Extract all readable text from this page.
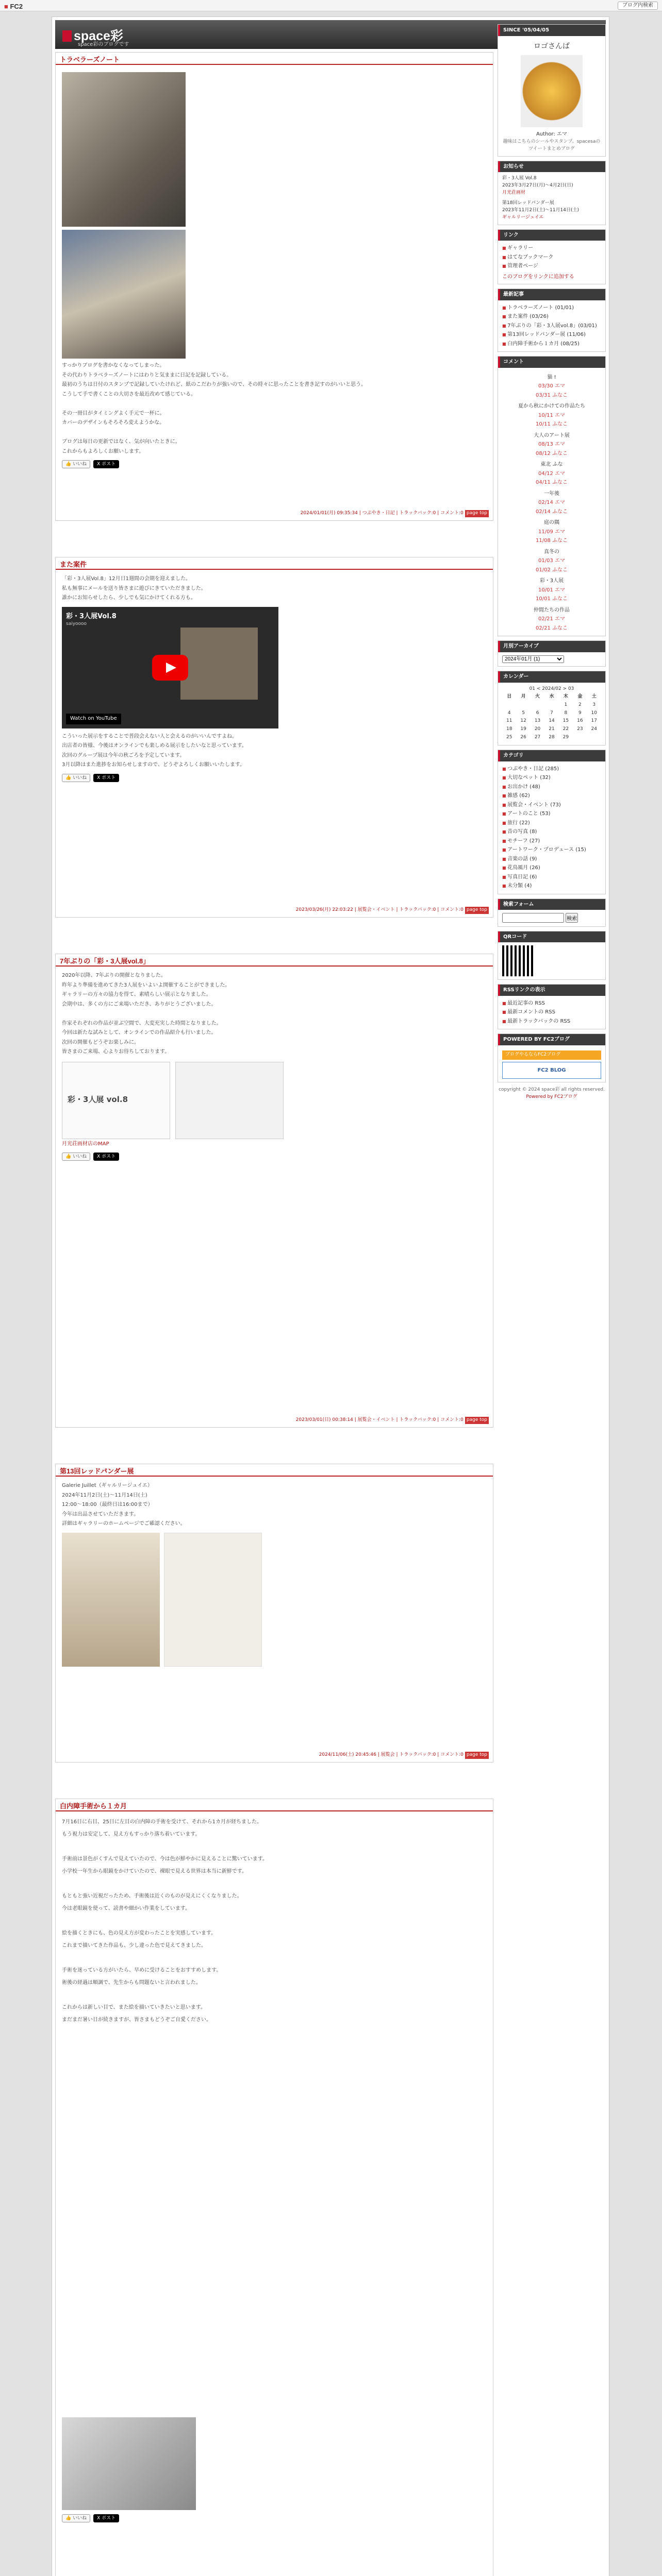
■ FC2	ブログ内検索
space彩
space彩のブログです
トラベラーズノート

すっかりブログを書かなくなってしまった。

その代わりトラベラーズノートにはわりと気ままに日記を記録している。

最初のうちは日付のスタンプで記録していたけれど、紙のこだわりが強いので、その時々に思ったことを書き記すのがいいと思う。

こうして手で書くことの大切さを最近改めて感じている。

その一冊目がタイミングよく手元で一杯に。

カバーのデザインもそろそろ変えようかな。

ブログは毎日の更新ではなく、気が向いたときに。

これからもよろしくお願いします。

👍 いいね	X ポスト
2024/01/01(月) 09:35:34 | つぶやき・日記 | トラックバック:0 | コメント:0 page top
また案件

「彩・3人展Vol.8」12月日1週間の会期を迎えました。

私も無事にメールを送り皆さまに遊びにきていただきました。

誰かにお知らせしたら、少しでも気にかけてくれる方も。

彩・3人展Vol.8
saiyoooo
Watch on YouTube

こういった展示をすることで普段会えない人と会えるのがいいんですよね。

出店者の皆様、今後はオンラインでも楽しめる展示をしたいなと思っています。

次回のグループ展は今年の秋ごろを予定しています。

3月以降はまた進捗をお知らせしますので、どうぞよろしくお願いいたします。

👍 いいね	X ポスト
2023/03/26(月) 22:03:22 | 展覧会・イベント | トラックバック:0 | コメント:0 page top
7年ぶりの「彩・3人展vol.8」

2020年以降、7年ぶりの開催となりました。

昨年より準備を進めてきた3人展をいよいよ開催することができました。

ギャラリーの方々の協力を得て、素晴らしい展示となりました。

会期中は、多くの方にご来場いただき、ありがとうございました。

作家それぞれの作品が並ぶ空間で、大変充実した時間となりました。

今回は新たな試みとして、オンラインでの作品紹介も行いました。

次回の開催もどうぞお楽しみに。

皆さまのご来場、心よりお待ちしております。

彩・3人展 vol.8

月光荘画材店のMAP

👍 いいね	X ポスト
2023/03/01(日) 00:38:14 | 展覧会・イベント | トラックバック:0 | コメント:0 page top
第13回レッドパンダー展

Galerie Juillet（ギャルリージュイエ）

2024年11月2日(土)〜11月14日(土)

12:00〜18:00（最終日は16:00まで）

今年は出品させていただきます。

詳細はギャラリーのホームページでご確認ください。

2024/11/06(土) 20:45:46 | 展覧会 | トラックバック:0 | コメント:0 page top
白内障手術から１カ月

7月16日に右目、25日に左目の白内障の手術を受けて、それから1カ月が経ちました。

もう視力は安定して、見え方もすっかり落ち着いています。

手術前は景色がくすんで見えていたので、今は色が鮮やかに見えることに驚いています。

小学校一年生から眼鏡をかけていたので、裸眼で見える世界は本当に新鮮です。

もともと強い近視だったため、手術後は近くのものが見えにくくなりました。

今は老眼鏡を使って、読書や細かい作業をしています。

絵を描くときにも、色の見え方が変わったことを実感しています。

これまで描いてきた作品も、少し違った色で見えてきました。

手術を迷っている方がいたら、早めに受けることをおすすめします。

術後の経過は順調で、先生からも問題ないと言われました。

これからは新しい目で、また絵を描いていきたいと思います。

まだまだ暑い日が続きますが、皆さまもどうぞご自愛ください。

👍 いいね	X ポスト
SINCE '05/04/05
ロゴさんぱ
Author: エマ
趣味はこちらのシールやスタンプ。spacesaのツイートまとめブログ
お知らせ
彩・3人展 Vol.8
2023年3月27日(月)〜4月2日(日)
月光荘画材
第18回レッドパンダー展
2023年11月2日(土)〜11月14日(土)
ギャルリージュイエ
リンク
■ ギャラリー
■ はてなブックマーク
■ 管理者ページ
このブログをリンクに追加する
最新記事
■ トラベラーズノート (01/01)
■ また案件 (03/26)
■ 7年ぶりの「彩・3人展vol.8」(03/01)
■ 第13回レッドパンダー展 (11/06)
■ 白内障手術から１カ月 (08/25)
コメント
猫 !
03/30 エマ
03/31 ふなこ
夏から秋にかけての作品たち
10/11 エマ
10/11 ふなこ
大人のアート展
08/13 エマ
08/12 ふなこ
東北 ふな
04/12 エマ
04/11 ふなこ
一年後
02/14 エマ
02/14 ふなこ
庭の隅
11/09 エマ
11/08 ふなこ
真冬の
01/03 エマ
01/02 ふなこ
彩・3人展
10/01 エマ
10/01 ふなこ
仲間たちの作品
02/21 エマ
02/21 ふなこ
月別アーカイブ
2024年01月 (1)
カレンダー
01 < 2024/02 > 03
日	月	火	水	木	金	土
				1	2	3
4	5	6	7	8	9	10
11	12	13	14	15	16	17
18	19	20	21	22	23	24
25	26	27	28	29		
カテゴリ
■ つぶやき・日記 (285)
■ 大切なペット (32)
■ お出かけ (48)
■ 雑感 (62)
■ 展覧会・イベント (73)
■ アートのこと (53)
■ 旅行 (22)
■ 昔の写真 (8)
■ モチーフ (27)
■ アートワーク・プロデュース (15)
■ 音楽の話 (9)
■ 花鳥風月 (26)
■ 写真日記 (6)
■ 未分類 (4)
検索フォーム
検索
QRコード
RSSリンクの表示
■ 最近記事の RSS
■ 最新コメントの RSS
■ 最新トラックバックの RSS
POWERED BY FC2ブログ
ブログやるならFC2ブログ
FC2 BLOG
copyright © 2024 space彩 all rights reserved.
Powered by FC2ブログ
